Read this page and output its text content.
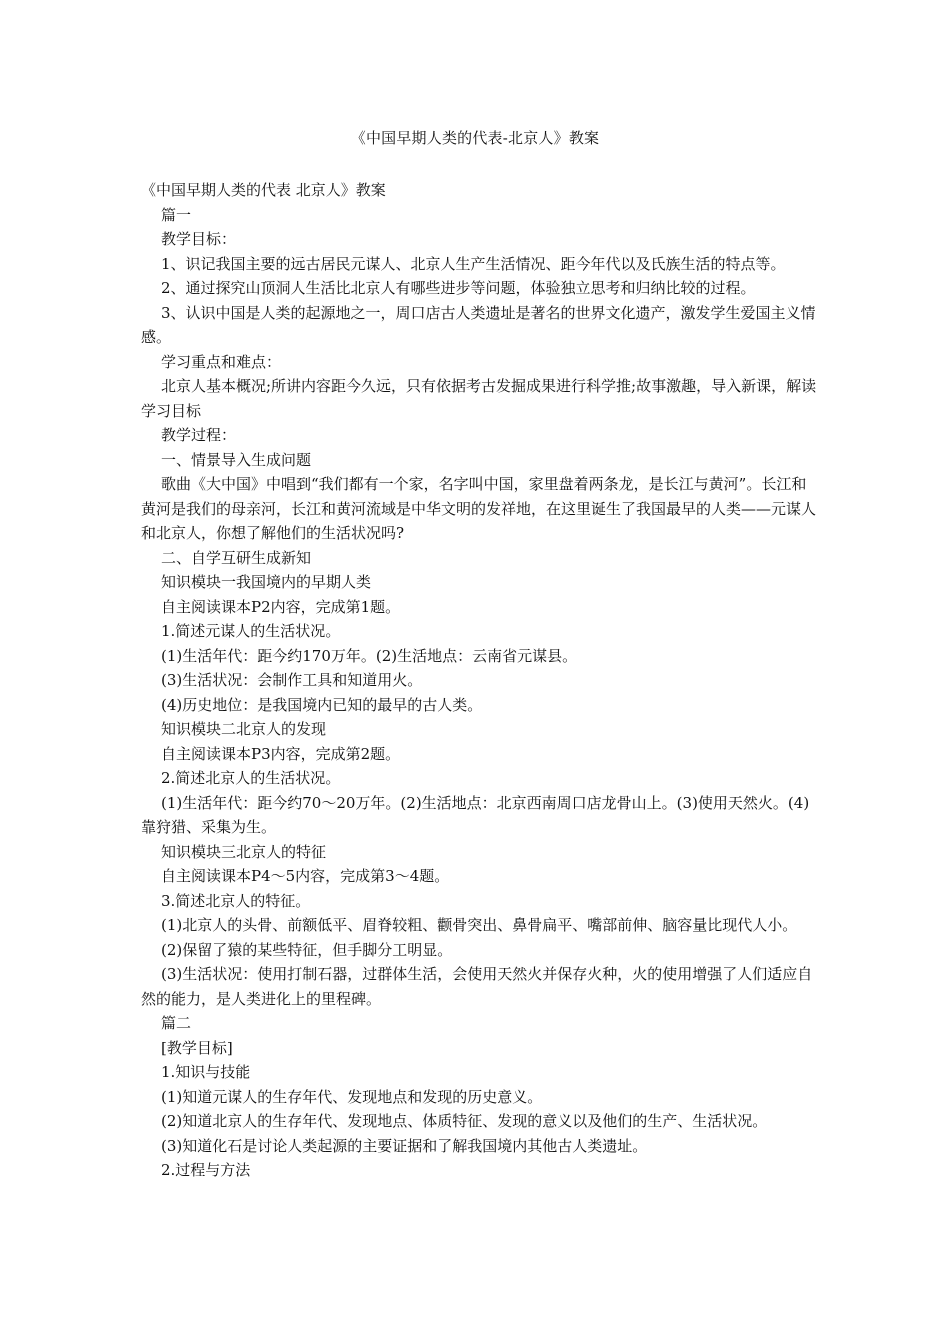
《中国早期人类的代表-北京人》教案

《中国早期人类的代表 北京人》教案

篇一

教学目标：

1、识记我国主要的远古居民元谋人、北京人生产生活情况、距今年代以及氏族生活的特点等。

2、通过探究山顶洞人生活比北京人有哪些进步等问题，体验独立思考和归纳比较的过程。

3、认识中国是人类的起源地之一，周口店古人类遗址是著名的世界文化遗产，激发学生爱国主义情感。

学习重点和难点：

北京人基本概况;所讲内容距今久远，只有依据考古发掘成果进行科学推;故事激趣，导入新课，解读学习目标

教学过程：

一、情景导入生成问题

歌曲《大中国》中唱到“我们都有一个家，名字叫中国，家里盘着两条龙，是长江与黄河”。长江和黄河是我们的母亲河，长江和黄河流域是中华文明的发祥地，在这里诞生了我国最早的人类——元谋人和北京人，你想了解他们的生活状况吗?

二、自学互研生成新知

知识模块一我国境内的早期人类

自主阅读课本P2内容，完成第1题。

1.简述元谋人的生活状况。

(1)生活年代：距今约170万年。(2)生活地点：云南省元谋县。

(3)生活状况：会制作工具和知道用火。

(4)历史地位：是我国境内已知的最早的古人类。

知识模块二北京人的发现

自主阅读课本P3内容，完成第2题。

2.简述北京人的生活状况。

(1)生活年代：距今约70～20万年。(2)生活地点：北京西南周口店龙骨山上。(3)使用天然火。(4)靠狩猎、采集为生。

知识模块三北京人的特征

自主阅读课本P4～5内容，完成第3～4题。

3.简述北京人的特征。

(1)北京人的头骨、前额低平、眉脊较粗、颧骨突出、鼻骨扁平、嘴部前伸、脑容量比现代人小。

(2)保留了猿的某些特征，但手脚分工明显。

(3)生活状况：使用打制石器，过群体生活，会使用天然火并保存火种，火的使用增强了人们适应自然的能力，是人类进化上的里程碑。

篇二

[教学目标]

1.知识与技能

(1)知道元谋人的生存年代、发现地点和发现的历史意义。

(2)知道北京人的生存年代、发现地点、体质特征、发现的意义以及他们的生产、生活状况。

(3)知道化石是讨论人类起源的主要证据和了解我国境内其他古人类遗址。

2.过程与方法
